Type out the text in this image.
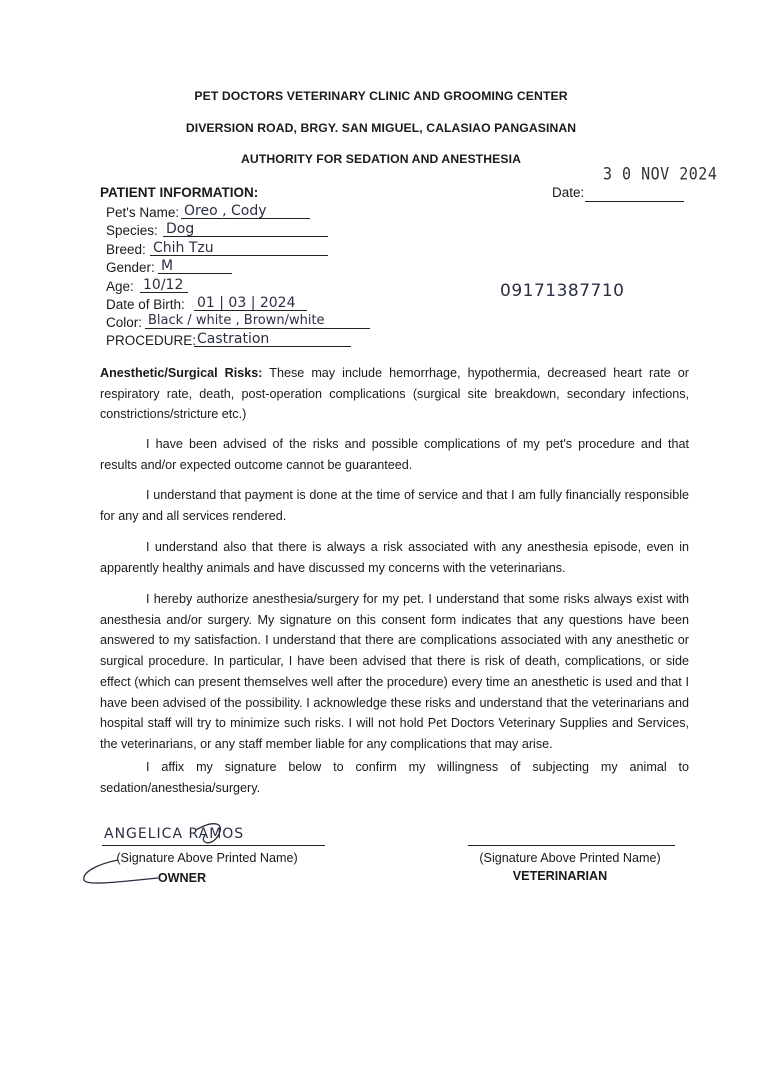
PET DOCTORS VETERINARY CLINIC AND GROOMING CENTER
DIVERSION ROAD, BRGY. SAN MIGUEL, CALASIAO PANGASINAN
AUTHORITY FOR SEDATION AND ANESTHESIA
3 0 NOV 2024
PATIENT INFORMATION:	Date:
Pet's Name: Oreo , Cody
Species: Dog
Breed: Chih Tzu
Gender: M
Age: 10/12
Date of Birth: 01 | 03 | 2024
Color: Black / white , Brown/white
PROCEDURE: Castration
09171387710
Anesthetic/Surgical Risks: These may include hemorrhage, hypothermia, decreased heart rate or respiratory rate, death, post-operation complications (surgical site breakdown, secondary infections, constrictions/stricture etc.)
I have been advised of the risks and possible complications of my pet's procedure and that results and/or expected outcome cannot be guaranteed.
I understand that payment is done at the time of service and that I am fully financially responsible for any and all services rendered.
I understand also that there is always a risk associated with any anesthesia episode, even in apparently healthy animals and have discussed my concerns with the veterinarians.
I hereby authorize anesthesia/surgery for my pet. I understand that some risks always exist with anesthesia and/or surgery. My signature on this consent form indicates that any questions have been answered to my satisfaction. I understand that there are complications associated with any anesthetic or surgical procedure. In particular, I have been advised that there is risk of death, complications, or side effect (which can present themselves well after the procedure) every time an anesthetic is used and that I have been advised of the possibility. I acknowledge these risks and understand that the veterinarians and hospital staff will try to minimize such risks. I will not hold Pet Doctors Veterinary Supplies and Services, the veterinarians, or any staff member liable for any complications that may arise.
I affix my signature below to confirm my willingness of subjecting my animal to sedation/anesthesia/surgery.
ANGELICA RAMOS
(Signature Above Printed Name)
OWNER
(Signature Above Printed Name)
VETERINARIAN
